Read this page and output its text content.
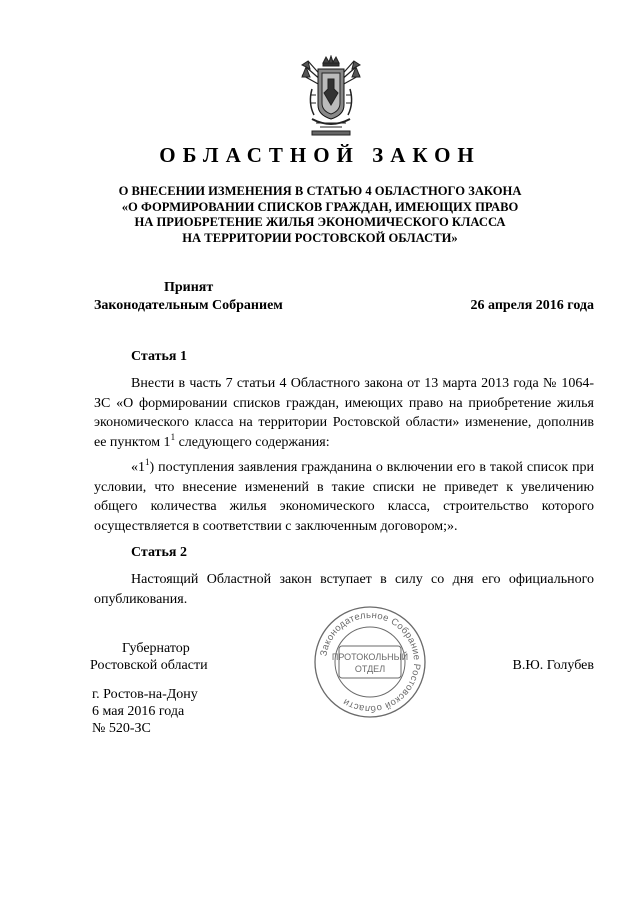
ОБЛАСТНОЙ ЗАКОН
О ВНЕСЕНИИ ИЗМЕНЕНИЯ В СТАТЬЮ 4 ОБЛАСТНОГО ЗАКОНА
«О ФОРМИРОВАНИИ СПИСКОВ ГРАЖДАН, ИМЕЮЩИХ ПРАВО
НА ПРИОБРЕТЕНИЕ ЖИЛЬЯ ЭКОНОМИЧЕСКОГО КЛАССА
НА ТЕРРИТОРИИ РОСТОВСКОЙ ОБЛАСТИ»
Принят
Законодательным Собранием	26 апреля 2016 года
Статья 1

Внести в часть 7 статьи 4 Областного закона от 13 марта 2013 года № 1064-ЗС «О формировании списков граждан, имеющих право на приобретение жилья экономического класса на территории Ростовской области» изменение, дополнив ее пунктом $1^1$ следующего содержания:

«$1^1$) поступления заявления гражданина о включении его в такой список при условии, что внесение изменений в такие списки не приведет к увеличению общего количества жилья экономического класса, строительство которого осуществляется в соответствии с заключенным договором;».

Статья 2

Настоящий Областной закон вступает в силу со дня его официального опубликования.

Губернатор
Ростовской области
Законодательное Собрание Ростовской области
ПРОТОКОЛЬНЫЙ
ОТДЕЛ	В.Ю. Голубев
г. Ростов-на-Дону
6 мая 2016 года
№ 520-ЗС
